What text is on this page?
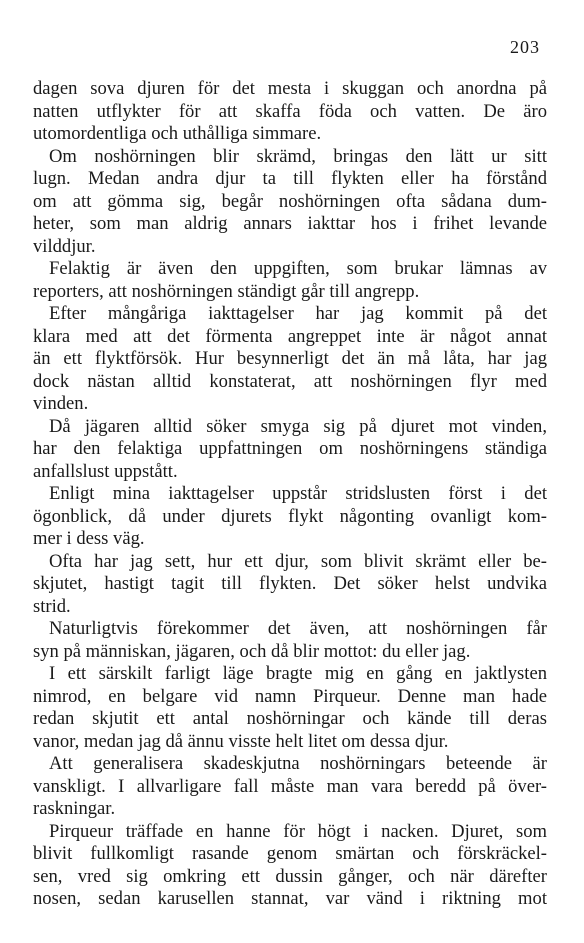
203
dagen sova djuren för det mesta i skuggan och anordna på
natten utflykter för att skaffa föda och vatten. De äro
utomordentliga och uthålliga simmare.
Om noshörningen blir skrämd, bringas den lätt ur sitt
lugn. Medan andra djur ta till flykten eller ha förstånd
om att gömma sig, begår noshörningen ofta sådana dum-
heter, som man aldrig annars iakttar hos i frihet levande
vilddjur.
Felaktig är även den uppgiften, som brukar lämnas av
reporters, att noshörningen ständigt går till angrepp.
Efter mångåriga iakttagelser har jag kommit på det
klara med att det förmenta angreppet inte är något annat
än ett flyktförsök. Hur besynnerligt det än må låta, har jag
dock nästan alltid konstaterat, att noshörningen flyr med
vinden.
Då jägaren alltid söker smyga sig på djuret mot vinden,
har den felaktiga uppfattningen om noshörningens ständiga
anfallslust uppstått.
Enligt mina iakttagelser uppstår stridslusten först i det
ögonblick, då under djurets flykt någonting ovanligt kom-
mer i dess väg.
Ofta har jag sett, hur ett djur, som blivit skrämt eller be-
skjutet, hastigt tagit till flykten. Det söker helst undvika
strid.
Naturligtvis förekommer det även, att noshörningen får
syn på människan, jägaren, och då blir mottot: du eller jag.
I ett särskilt farligt läge bragte mig en gång en jaktlysten
nimrod, en belgare vid namn Pirqueur. Denne man hade
redan skjutit ett antal noshörningar och kände till deras
vanor, medan jag då ännu visste helt litet om dessa djur.
Att generalisera skadeskjutna noshörningars beteende är
vanskligt. I allvarligare fall måste man vara beredd på över-
raskningar.
Pirqueur träffade en hanne för högt i nacken. Djuret, som
blivit fullkomligt rasande genom smärtan och förskräckel-
sen, vred sig omkring ett dussin gånger, och när därefter
nosen, sedan karusellen stannat, var vänd i riktning mot
